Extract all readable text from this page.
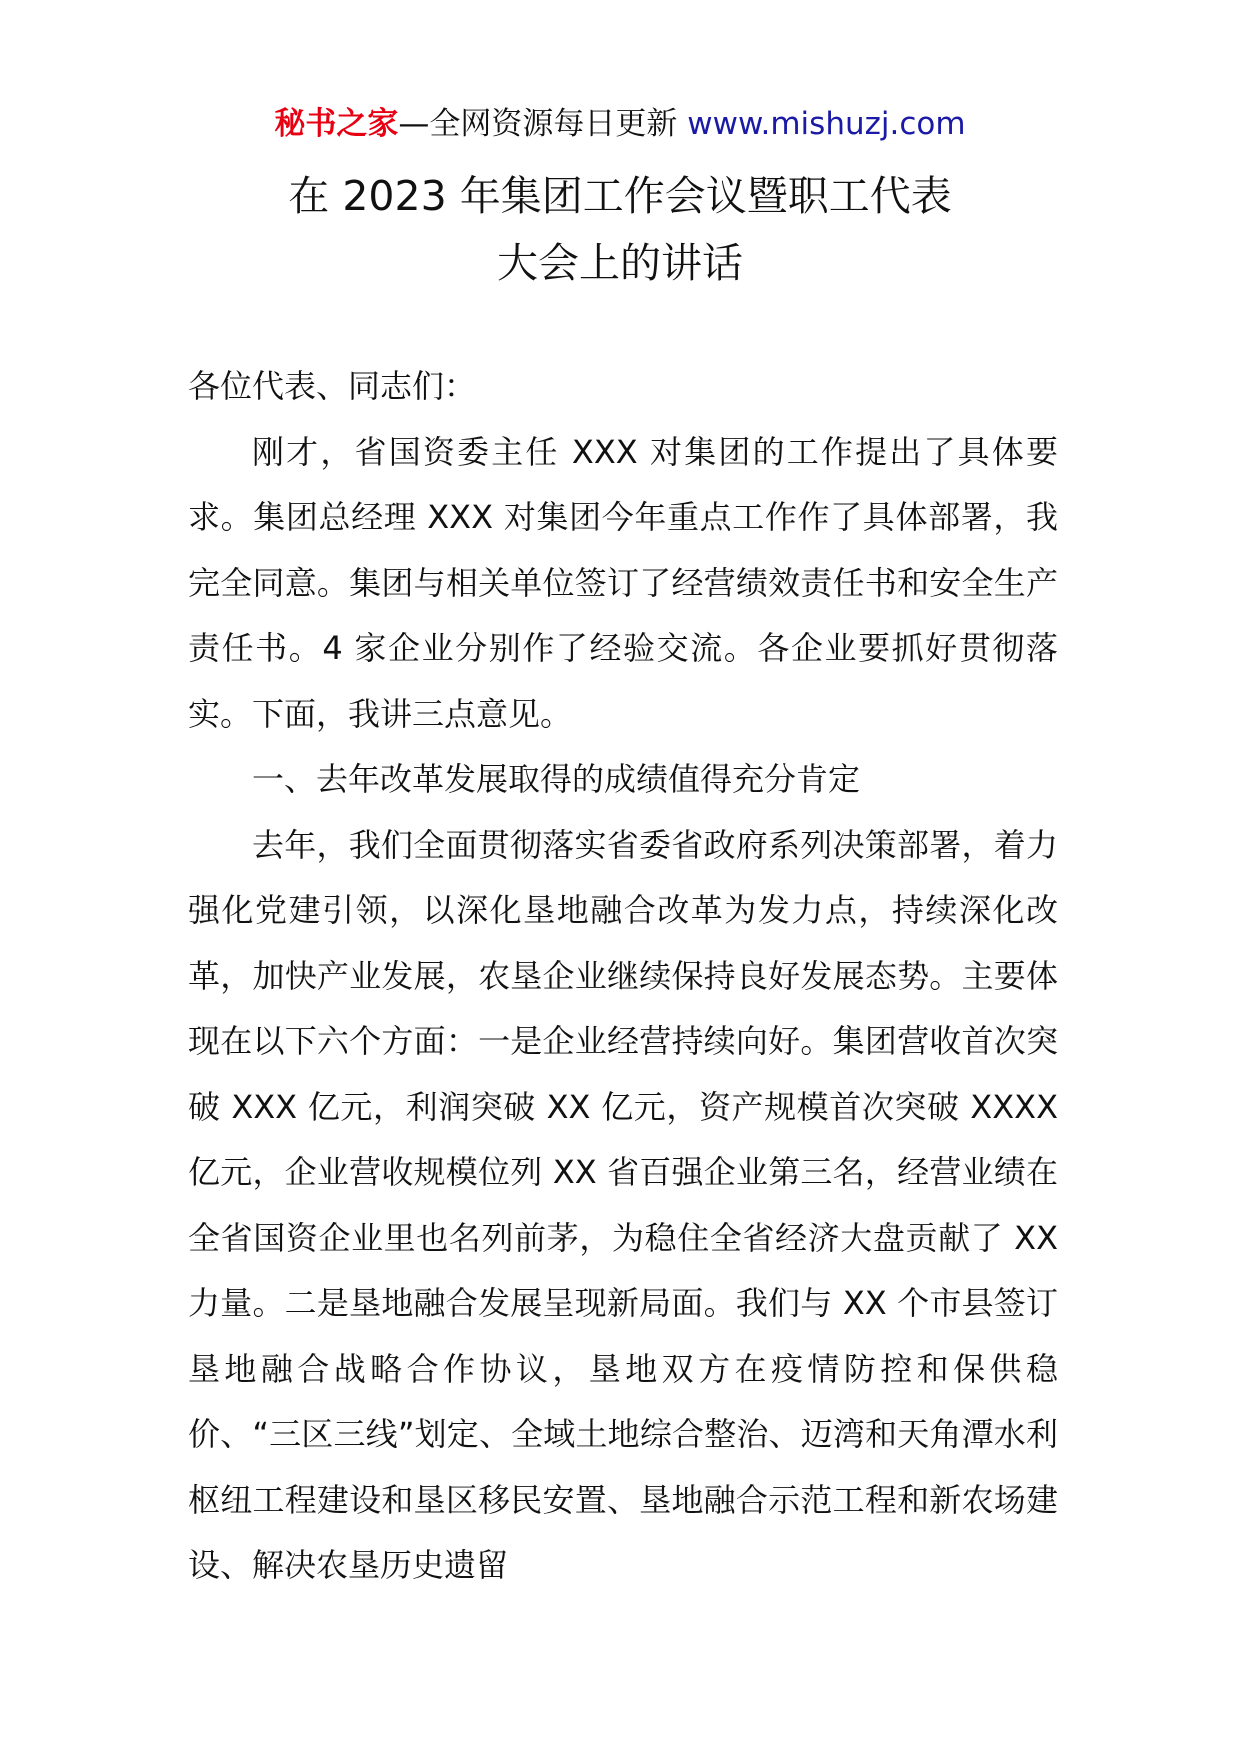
秘书之家—全网资源每日更新 www.mishuzj.com
在 2023 年集团工作会议暨职工代表
大会上的讲话

各位代表、同志们：

刚才，省国资委主任 XXX 对集团的工作提出了具体要求。集团总经理 XXX 对集团今年重点工作作了具体部署，我完全同意。集团与相关单位签订了经营绩效责任书和安全生产责任书。4 家企业分别作了经验交流。各企业要抓好贯彻落实。下面，我讲三点意见。

一、去年改革发展取得的成绩值得充分肯定

去年，我们全面贯彻落实省委省政府系列决策部署，着力强化党建引领，以深化垦地融合改革为发力点，持续深化改革，加快产业发展，农垦企业继续保持良好发展态势。主要体现在以下六个方面：一是企业经营持续向好。集团营收首次突破 XXX 亿元，利润突破 XX 亿元，资产规模首次突破 XXXX 亿元，企业营收规模位列 XX 省百强企业第三名，经营业绩在全省国资企业里也名列前茅，为稳住全省经济大盘贡献了 XX 力量。二是垦地融合发展呈现新局面。我们与 XX 个市县签订垦地融合战略合作协议，垦地双方在疫情防控和保供稳价、“三区三线”划定、全域土地综合整治、迈湾和天角潭水利枢纽工程建设和垦区移民安置、垦地融合示范工程和新农场建设、解决农垦历史遗留
